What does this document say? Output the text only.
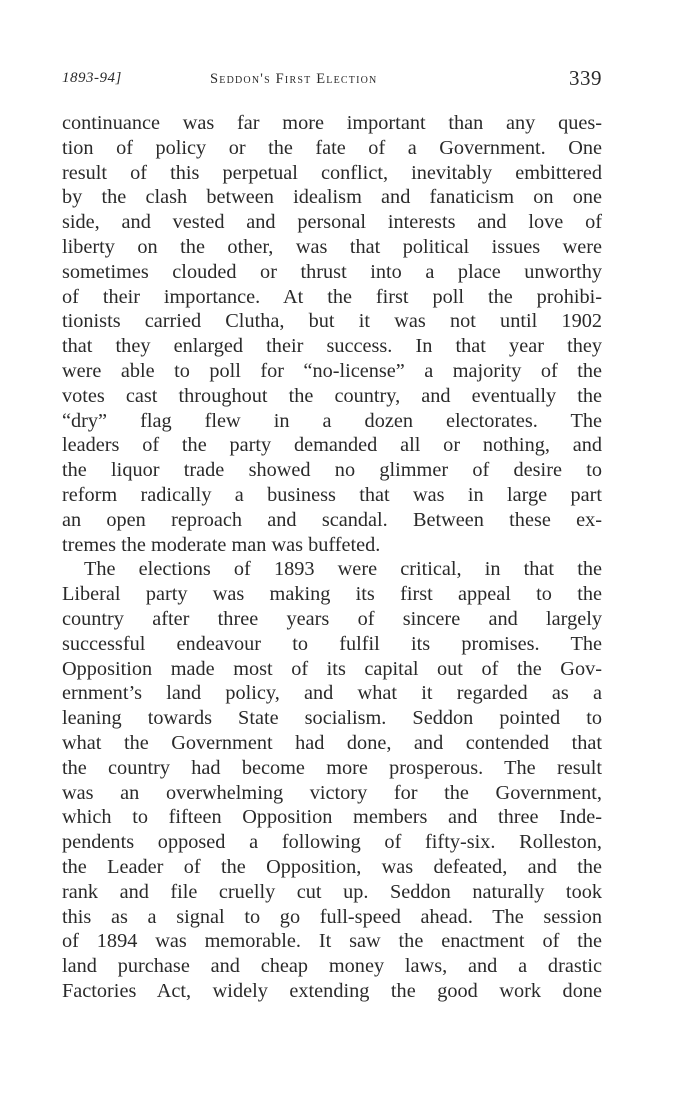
1893-94]	Seddon's First Election	339
continuance was far more important than any ques-
tion of policy or the fate of a Government. One
result of this perpetual conflict, inevitably embittered
by the clash between idealism and fanaticism on one
side, and vested and personal interests and love of
liberty on the other, was that political issues were
sometimes clouded or thrust into a place unworthy
of their importance. At the first poll the prohibi-
tionists carried Clutha, but it was not until 1902
that they enlarged their success. In that year they
were able to poll for “no-license” a majority of the
votes cast throughout the country, and eventually the
“dry” flag flew in a dozen electorates. The
leaders of the party demanded all or nothing, and
the liquor trade showed no glimmer of desire to
reform radically a business that was in large part
an open reproach and scandal. Between these ex-
tremes the moderate man was buffeted.
The elections of 1893 were critical, in that the
Liberal party was making its first appeal to the
country after three years of sincere and largely
successful endeavour to fulfil its promises. The
Opposition made most of its capital out of the Gov-
ernment’s land policy, and what it regarded as a
leaning towards State socialism. Seddon pointed to
what the Government had done, and contended that
the country had become more prosperous. The result
was an overwhelming victory for the Government,
which to fifteen Opposition members and three Inde-
pendents opposed a following of fifty-six. Rolleston,
the Leader of the Opposition, was defeated, and the
rank and file cruelly cut up. Seddon naturally took
this as a signal to go full-speed ahead. The session
of 1894 was memorable. It saw the enactment of the
land purchase and cheap money laws, and a drastic
Factories Act, widely extending the good work done
